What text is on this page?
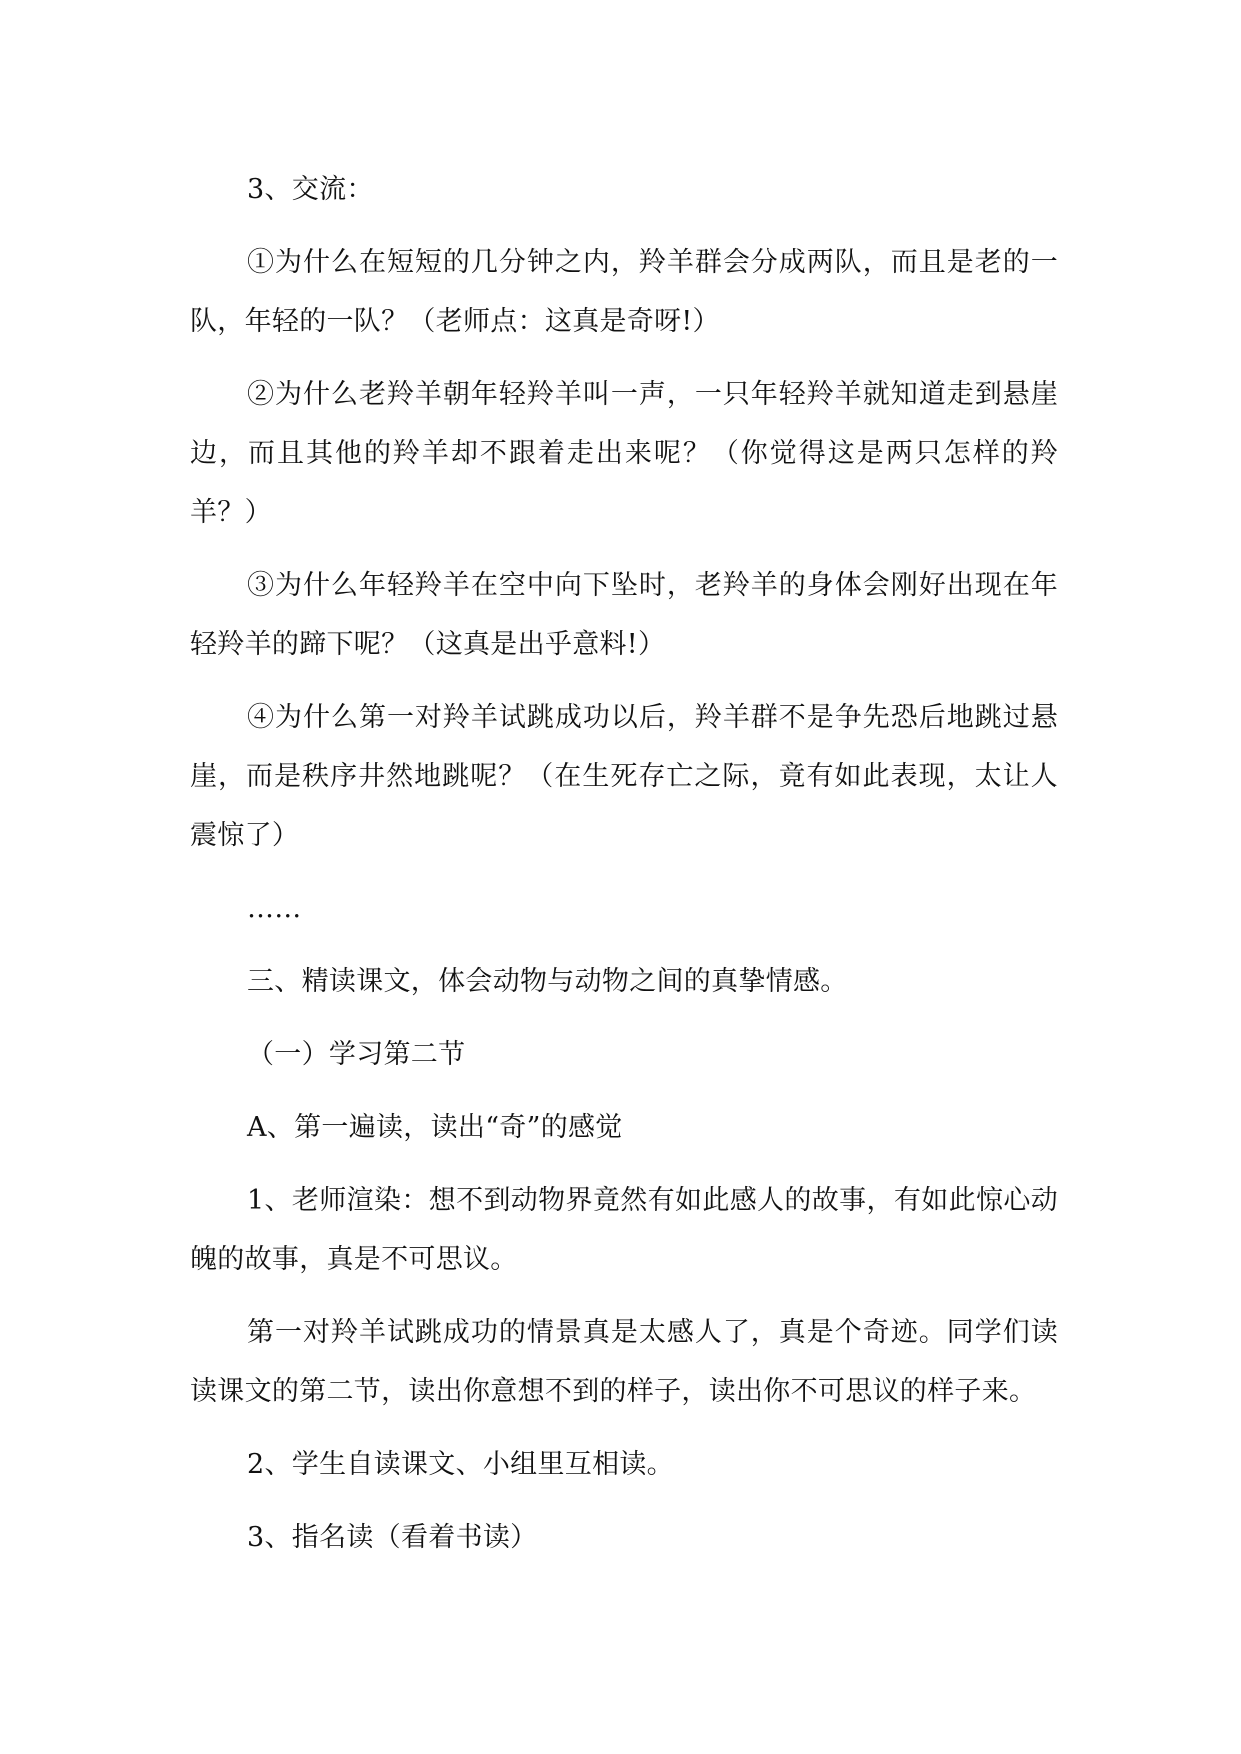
3、交流：

①为什么在短短的几分钟之内，羚羊群会分成两队，而且是老的一队，年轻的一队？（老师点：这真是奇呀!）

②为什么老羚羊朝年轻羚羊叫一声，一只年轻羚羊就知道走到悬崖边，而且其他的羚羊却不跟着走出来呢？（你觉得这是两只怎样的羚羊？）

③为什么年轻羚羊在空中向下坠时，老羚羊的身体会刚好出现在年轻羚羊的蹄下呢？（这真是出乎意料!）

④为什么第一对羚羊试跳成功以后，羚羊群不是争先恐后地跳过悬崖，而是秩序井然地跳呢？（在生死存亡之际，竟有如此表现，太让人震惊了）

……

三、精读课文，体会动物与动物之间的真挚情感。

（一）学习第二节

A、第一遍读，读出“奇”的感觉

1、老师渲染：想不到动物界竟然有如此感人的故事，有如此惊心动魄的故事，真是不可思议。

第一对羚羊试跳成功的情景真是太感人了，真是个奇迹。同学们读读课文的第二节，读出你意想不到的样子，读出你不可思议的样子来。

2、学生自读课文、小组里互相读。

3、指名读（看着书读）
